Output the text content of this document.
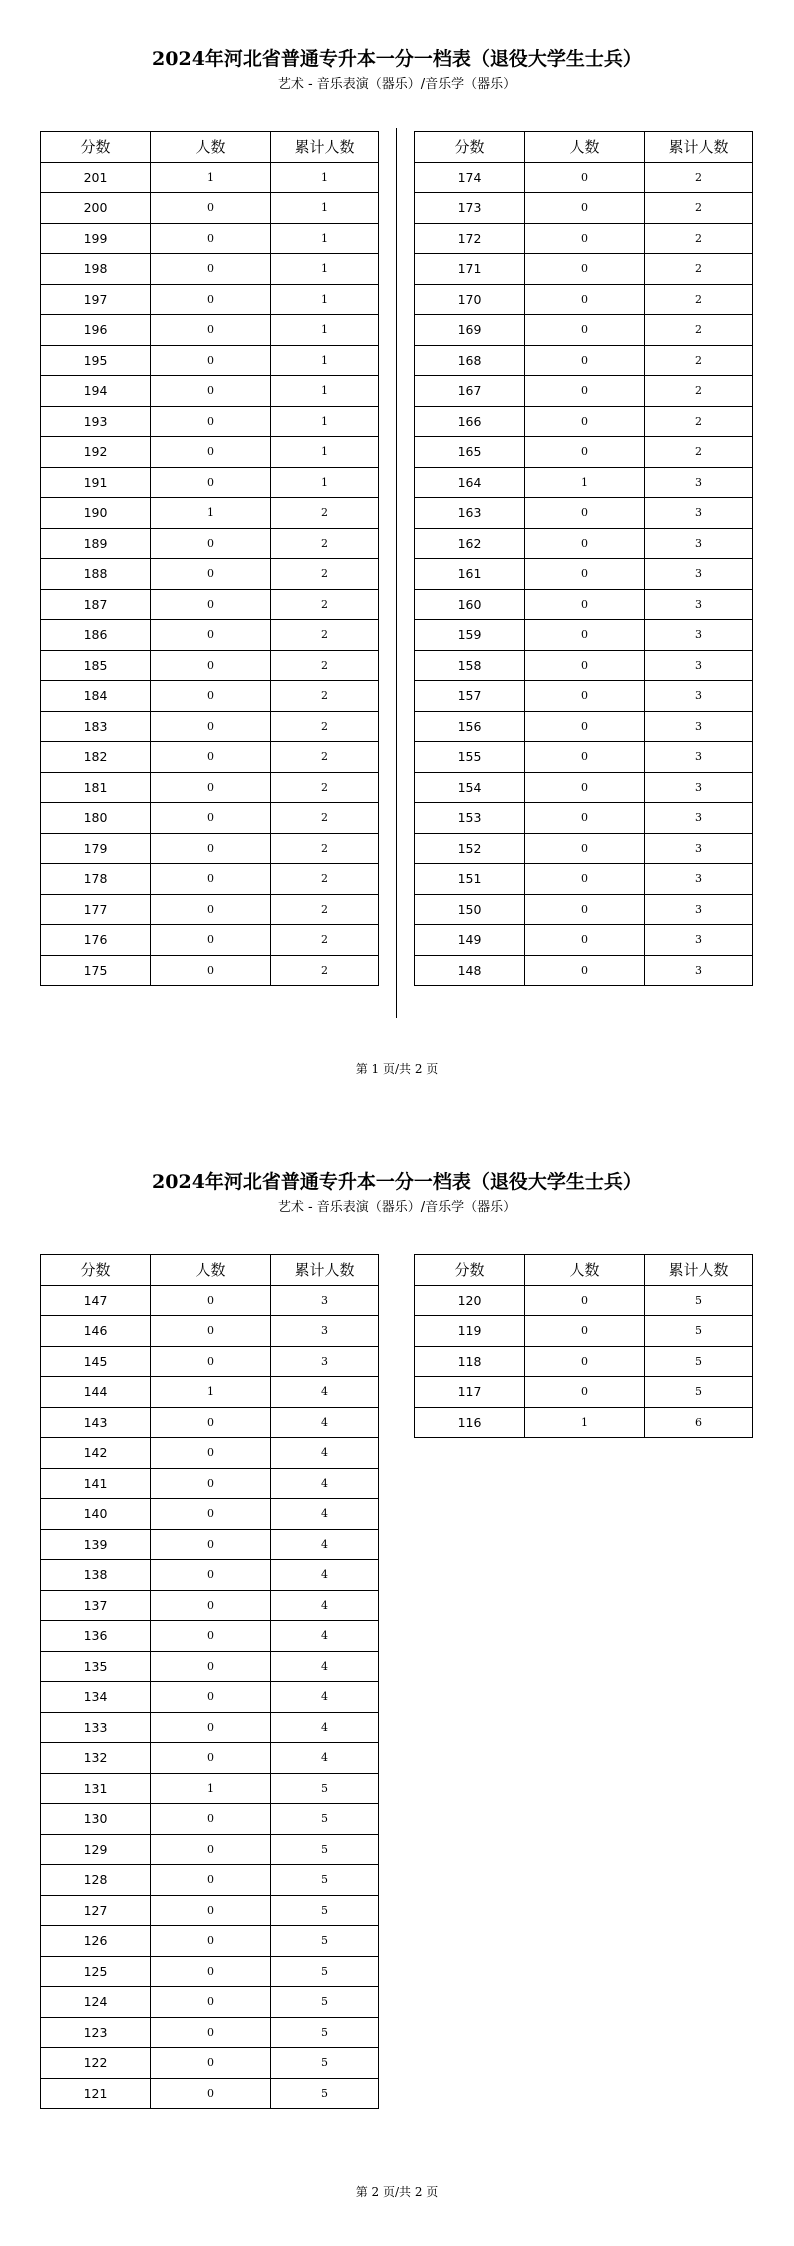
2024年河北省普通专升本一分一档表（退役大学生士兵）
艺术 - 音乐表演（器乐）/音乐学（器乐）
分数	人数	累计人数
201	1	1
200	0	1
199	0	1
198	0	1
197	0	1
196	0	1
195	0	1
194	0	1
193	0	1
192	0	1
191	0	1
190	1	2
189	0	2
188	0	2
187	0	2
186	0	2
185	0	2
184	0	2
183	0	2
182	0	2
181	0	2
180	0	2
179	0	2
178	0	2
177	0	2
176	0	2
175	0	2
分数	人数	累计人数
174	0	2
173	0	2
172	0	2
171	0	2
170	0	2
169	0	2
168	0	2
167	0	2
166	0	2
165	0	2
164	1	3
163	0	3
162	0	3
161	0	3
160	0	3
159	0	3
158	0	3
157	0	3
156	0	3
155	0	3
154	0	3
153	0	3
152	0	3
151	0	3
150	0	3
149	0	3
148	0	3
第 1 页/共 2 页
2024年河北省普通专升本一分一档表（退役大学生士兵）
艺术 - 音乐表演（器乐）/音乐学（器乐）
分数	人数	累计人数
147	0	3
146	0	3
145	0	3
144	1	4
143	0	4
142	0	4
141	0	4
140	0	4
139	0	4
138	0	4
137	0	4
136	0	4
135	0	4
134	0	4
133	0	4
132	0	4
131	1	5
130	0	5
129	0	5
128	0	5
127	0	5
126	0	5
125	0	5
124	0	5
123	0	5
122	0	5
121	0	5
分数	人数	累计人数
120	0	5
119	0	5
118	0	5
117	0	5
116	1	6
第 2 页/共 2 页
